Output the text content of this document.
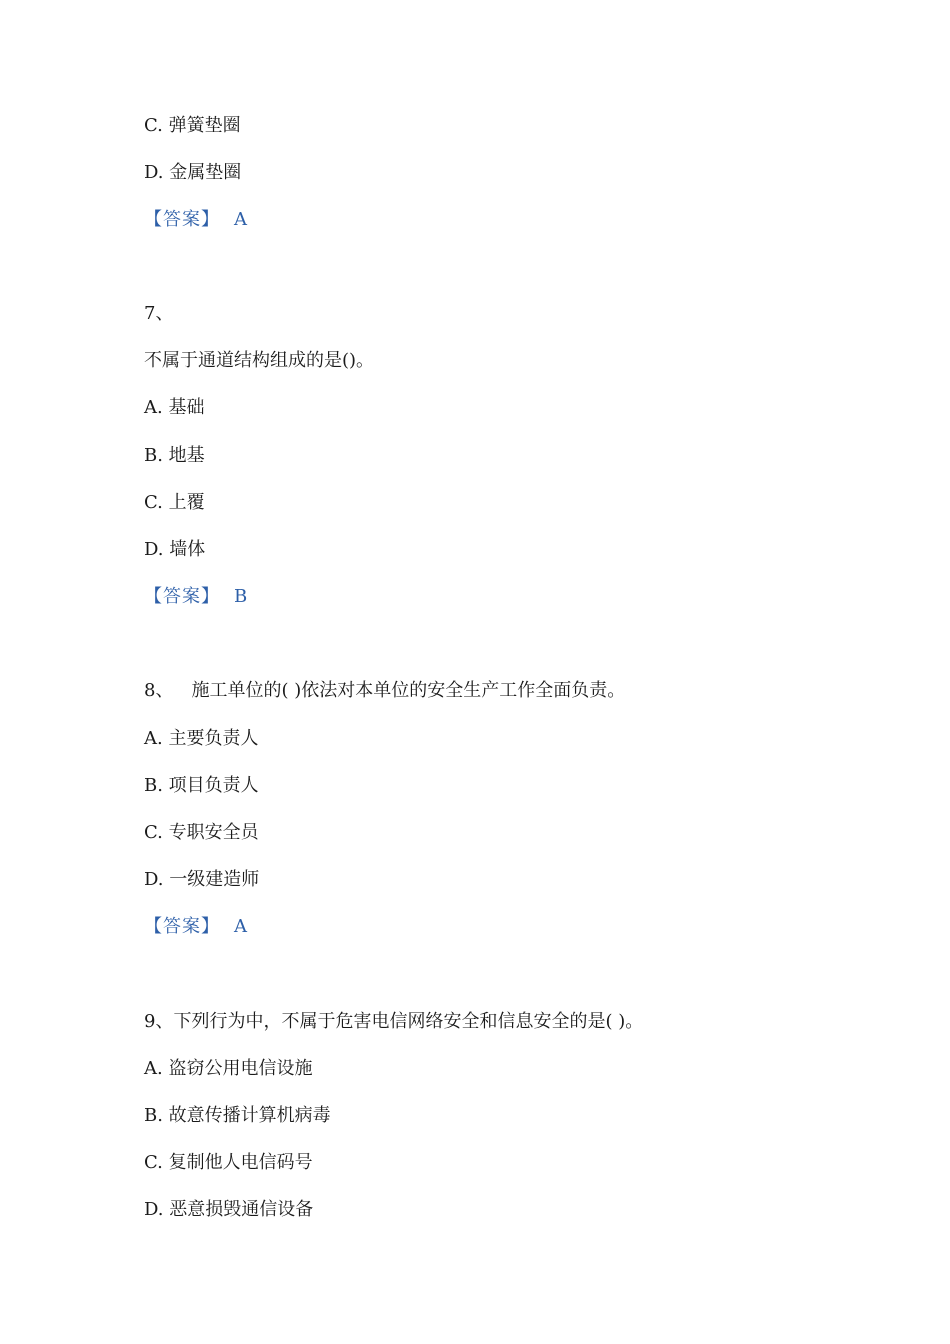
C. 弹簧垫圈
D. 金属垫圈
【答案】 A
7、
不属于通道结构组成的是()。
A. 基础
B. 地基
C. 上覆
D. 墙体
【答案】 B
8、 施工单位的( )依法对本单位的安全生产工作全面负责。
A. 主要负责人
B. 项目负责人
C. 专职安全员
D. 一级建造师
【答案】 A
9、下列行为中，不属于危害电信网络安全和信息安全的是( )。
A. 盗窃公用电信设施
B. 故意传播计算机病毒
C. 复制他人电信码号
D. 恶意损毁通信设备
